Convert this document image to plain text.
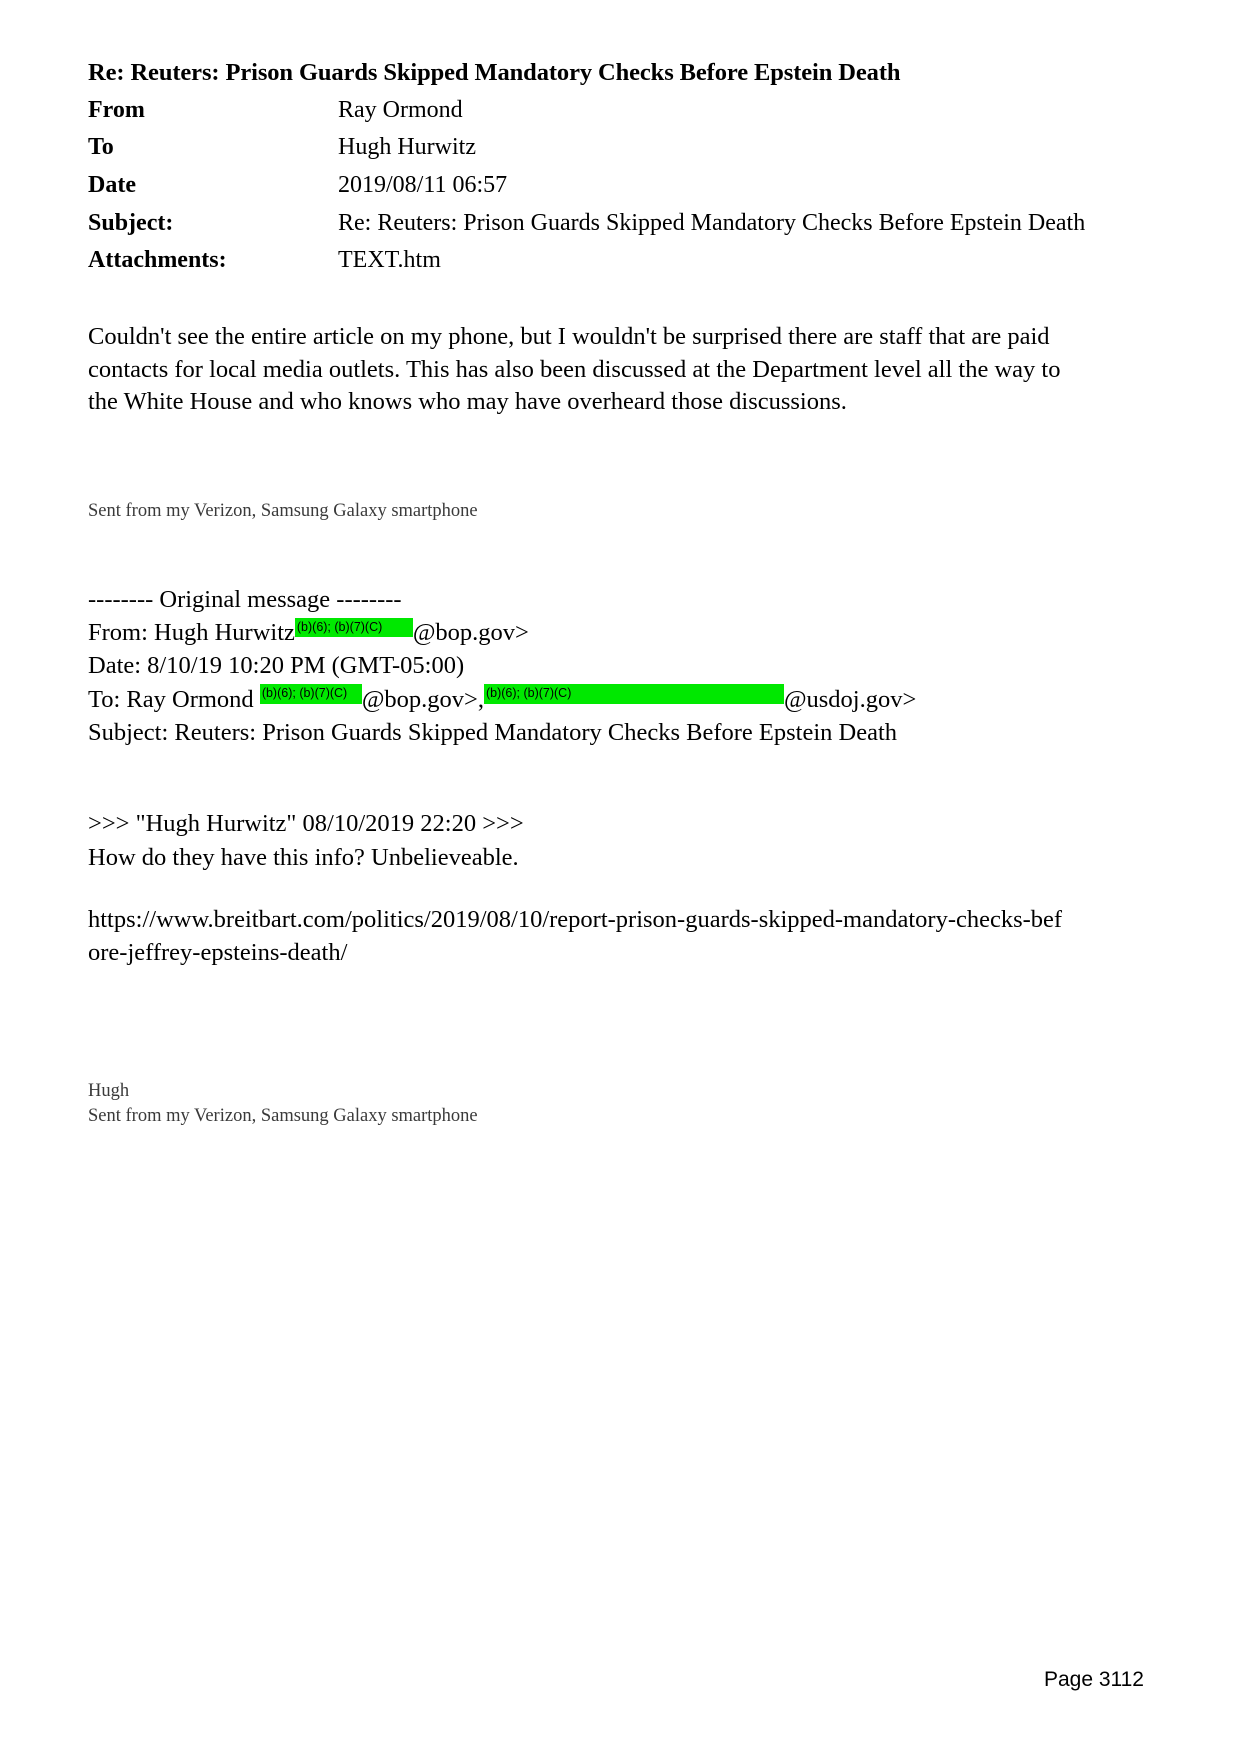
Re: Reuters: Prison Guards Skipped Mandatory Checks Before Epstein Death
From	Ray Ormond
To	Hugh Hurwitz
Date	2019/08/11 06:57
Subject:	Re: Reuters: Prison Guards Skipped Mandatory Checks Before Epstein Death
Attachments:	TEXT.htm
Couldn't see the entire article on my phone, but I wouldn't be surprised there are staff that are paid contacts for local media outlets. This has also been discussed at the Department level all the way to the White House and who knows who may have overheard those discussions.
Sent from my Verizon, Samsung Galaxy smartphone
-------- Original message --------
From: Hugh Hurwitz (b)(6); (b)(7)(C) @bop.gov>
Date: 8/10/19 10:20 PM (GMT-05:00)
To: Ray Ormond (b)(6); (b)(7)(C) @bop.gov>, (b)(6); (b)(7)(C)	@usdoj.gov>
Subject: Reuters: Prison Guards Skipped Mandatory Checks Before Epstein Death
>>> "Hugh Hurwitz" 08/10/2019 22:20 >>>
How do they have this info? Unbelieveable.
https://www.breitbart.com/politics/2019/08/10/report-prison-guards-skipped-mandatory-checks-before-jeffrey-epsteins-death/
Hugh
Sent from my Verizon, Samsung Galaxy smartphone
Page 3112
